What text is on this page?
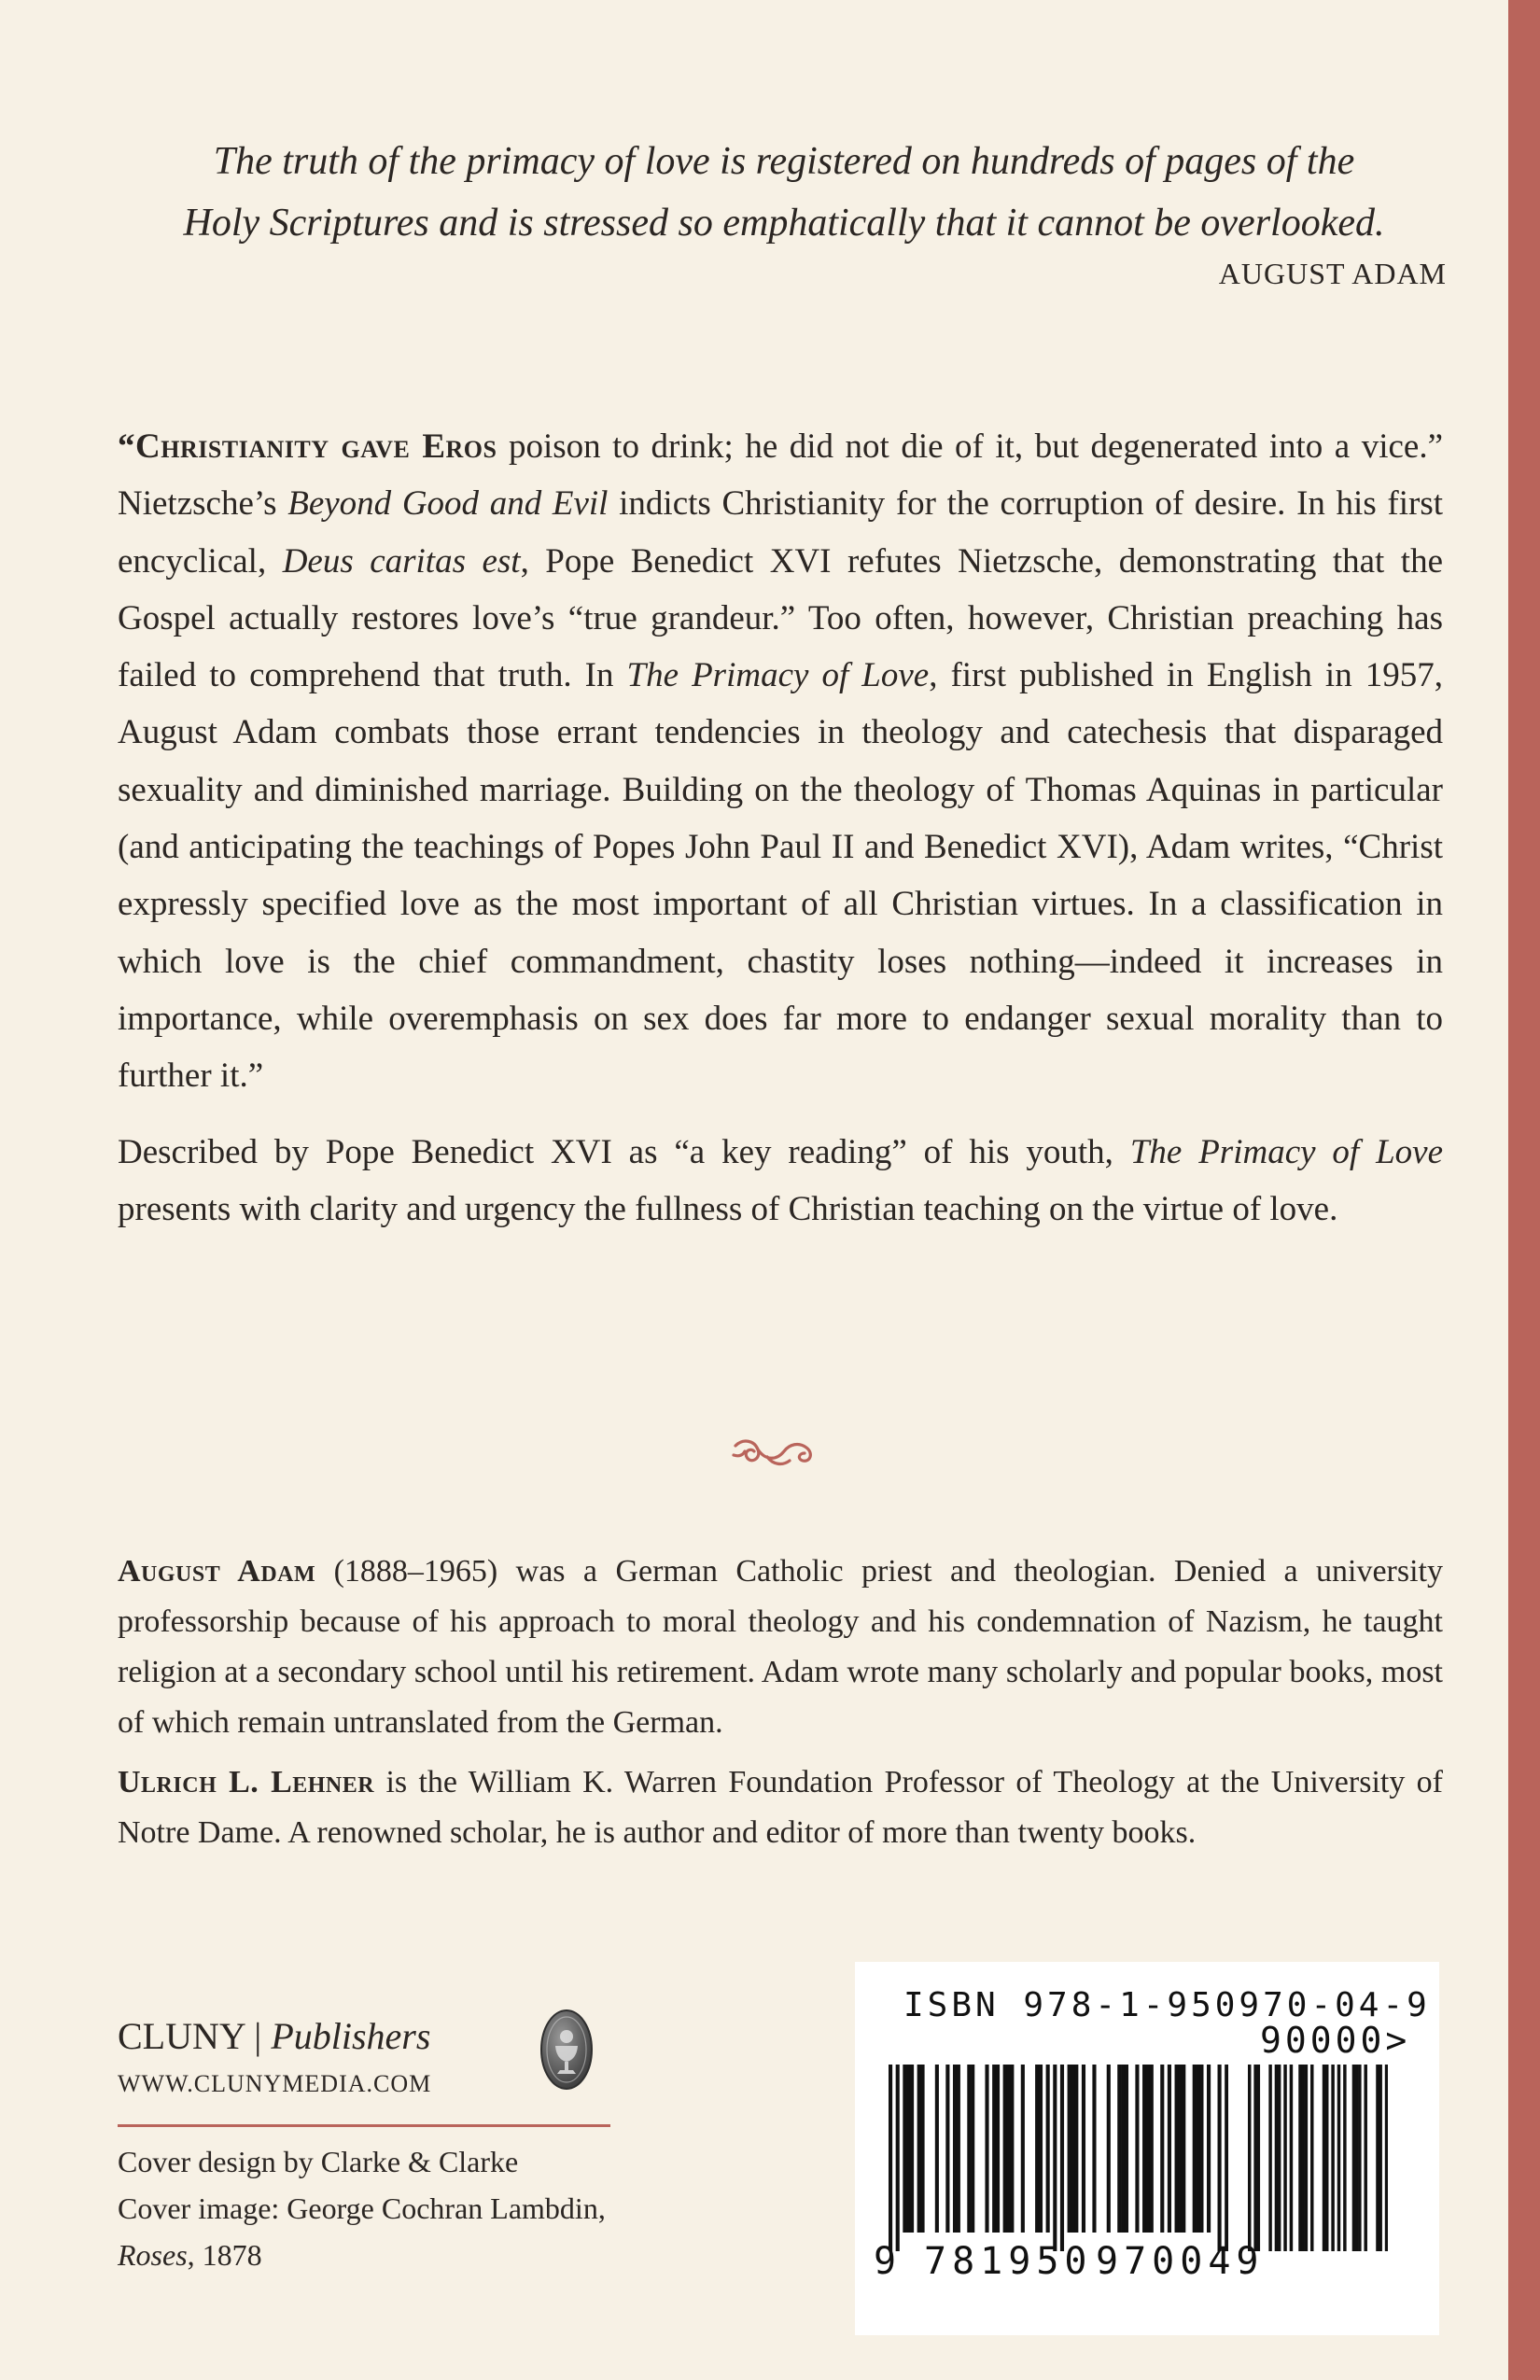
The truth of the primacy of love is registered on hundreds of pages of the
Holy Scriptures and is stressed so emphatically that it cannot be overlooked.
AUGUST ADAM

“Christianity gave Eros poison to drink; he did not die of it, but degenerated into a vice.” Nietzsche’s Beyond Good and Evil indicts Christianity for the corruption of desire. In his first encyclical, Deus caritas est, Pope Benedict XVI refutes Nietzsche, demonstrating that the Gospel actually restores love’s “true grandeur.” Too often, however, Christian preaching has failed to comprehend that truth. In The Primacy of Love, first published in English in 1957, August Adam combats those errant tendencies in theology and catechesis that disparaged sexuality and diminished marriage. Building on the theology of Thomas Aquinas in particular (and anticipating the teachings of Popes John Paul II and Benedict XVI), Adam writes, “Christ expressly specified love as the most important of all Christian virtues. In a classification in which love is the chief commandment, chastity loses nothing—indeed it increases in importance, while overemphasis on sex does far more to endanger sexual morality than to further it.”

Described by Pope Benedict XVI as “a key reading” of his youth, The Primacy of Love presents with clarity and urgency the fullness of Christian teaching on the virtue of love.

August Adam (1888–1965) was a German Catholic priest and theologian. Denied a university professorship because of his approach to moral theology and his condemnation of Nazism, he taught religion at a secondary school until his retirement. Adam wrote many scholarly and popular books, most of which remain untranslated from the German.

Ulrich L. Lehner is the William K. Warren Foundation Professor of Theology at the University of Notre Dame. A renowned scholar, he is author and editor of more than twenty books.

CLUNY | Publishers
WWW.CLUNYMEDIA.COM
Cover design by Clarke & Clarke
Cover image: George Cochran Lambdin,
Roses, 1878
ISBN 978-1-950970-04-9
90000>
9 781950 970049
